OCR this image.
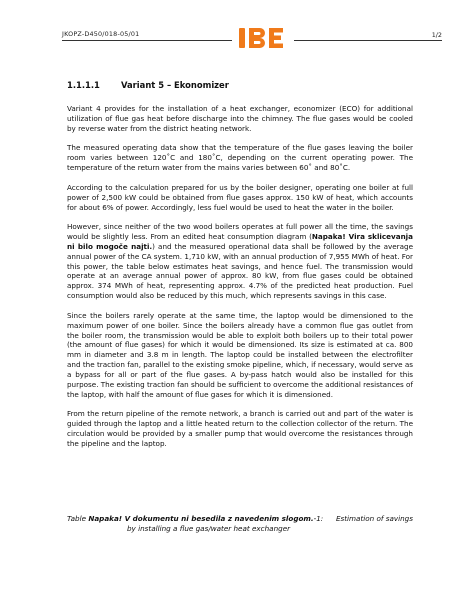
JKOPZ-D450/018-05/01	1/2
1.1.1.1	Variant 5 – Ekonomizer

Variant 4 provides for the installation of a heat exchanger, economizer (ECO) for additional utilization of flue gas heat before discharge into the chimney. The flue gases would be cooled by reverse water from the district heating network.

The measured operating data show that the temperature of the flue gases leaving the boiler room varies between 120˚C and 180˚C, depending on the current operating power. The temperature of the return water from the mains varies between 60˚ and 80˚C.

According to the calculation prepared for us by the boiler designer, operating one boiler at full power of 2,500 kW could be obtained from flue gases approx. 150 kW of heat, which accounts for about 6% of power. Accordingly, less fuel would be used to heat the water in the boiler.

However, since neither of the two wood boilers operates at full power all the time, the savings would be slightly less. From an edited heat consumption diagram (Napaka! Vira sklicevanja ni bilo mogoče najti.) and the measured operational data shall be followed by the average annual power of the CA system. 1,710 kW, with an annual production of 7,955 MWh of heat. For this power, the table below estimates heat savings, and hence fuel. The transmission would operate at an average annual power of approx. 80 kW, from flue gases could be obtained approx. 374 MWh of heat, representing approx. 4.7% of the predicted heat production. Fuel consumption would also be reduced by this much, which represents savings in this case.

Since the boilers rarely operate at the same time, the laptop would be dimensioned to the maximum power of one boiler. Since the boilers already have a common flue gas outlet from the boiler room, the transmission would be able to exploit both boilers up to their total power (the amount of flue gases) for which it would be dimensioned. Its size is estimated at ca. 800 mm in diameter and 3.8 m in length. The laptop could be installed between the electrofilter and the traction fan, parallel to the existing smoke pipeline, which, if necessary, would serve as a bypass for all or part of the flue gases. A by-pass hatch would also be installed for this purpose. The existing traction fan should be sufficient to overcome the additional resistances of the laptop, with half the amount of flue gases for which it is dimensioned.

From the return pipeline of the remote network, a branch is carried out and part of the water is guided through the laptop and a little heated return to the collection collector of the return. The circulation would be provided by a smaller pump that would overcome the resistances through the pipeline and the laptop.

Table Napaka! V dokumentu ni besedila z navedenim slogom.-1: Estimation of savings
by installing a flue gas/water heat exchanger
